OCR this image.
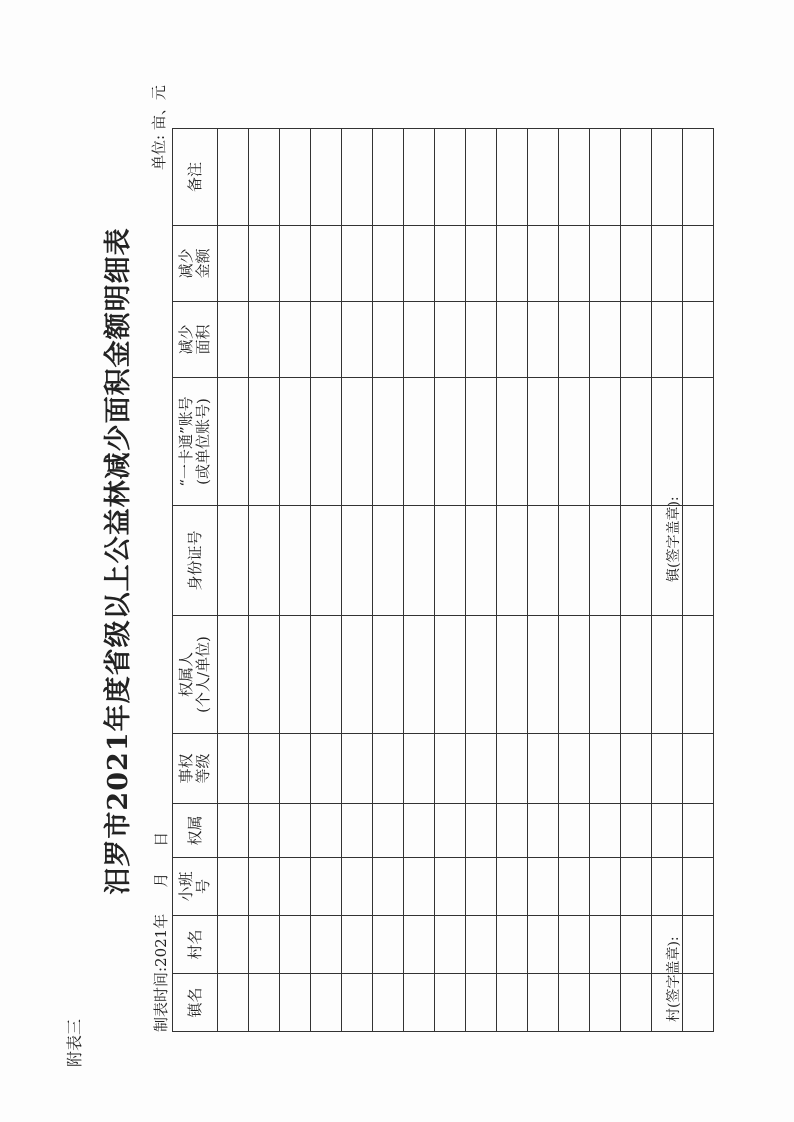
附表三
汨罗市2021年度省级以上公益林减少面积金额明细表
制表时间:2021年月日
单位: 亩、元
镇名	村名	小班 号	权属	事权 等级	权属人 (个人/单位)	身份证号	“一卡通”账号 (或单位账号)	减少 面积	减少 金额	备注

村(签字盖章):
镇(签字盖章):
